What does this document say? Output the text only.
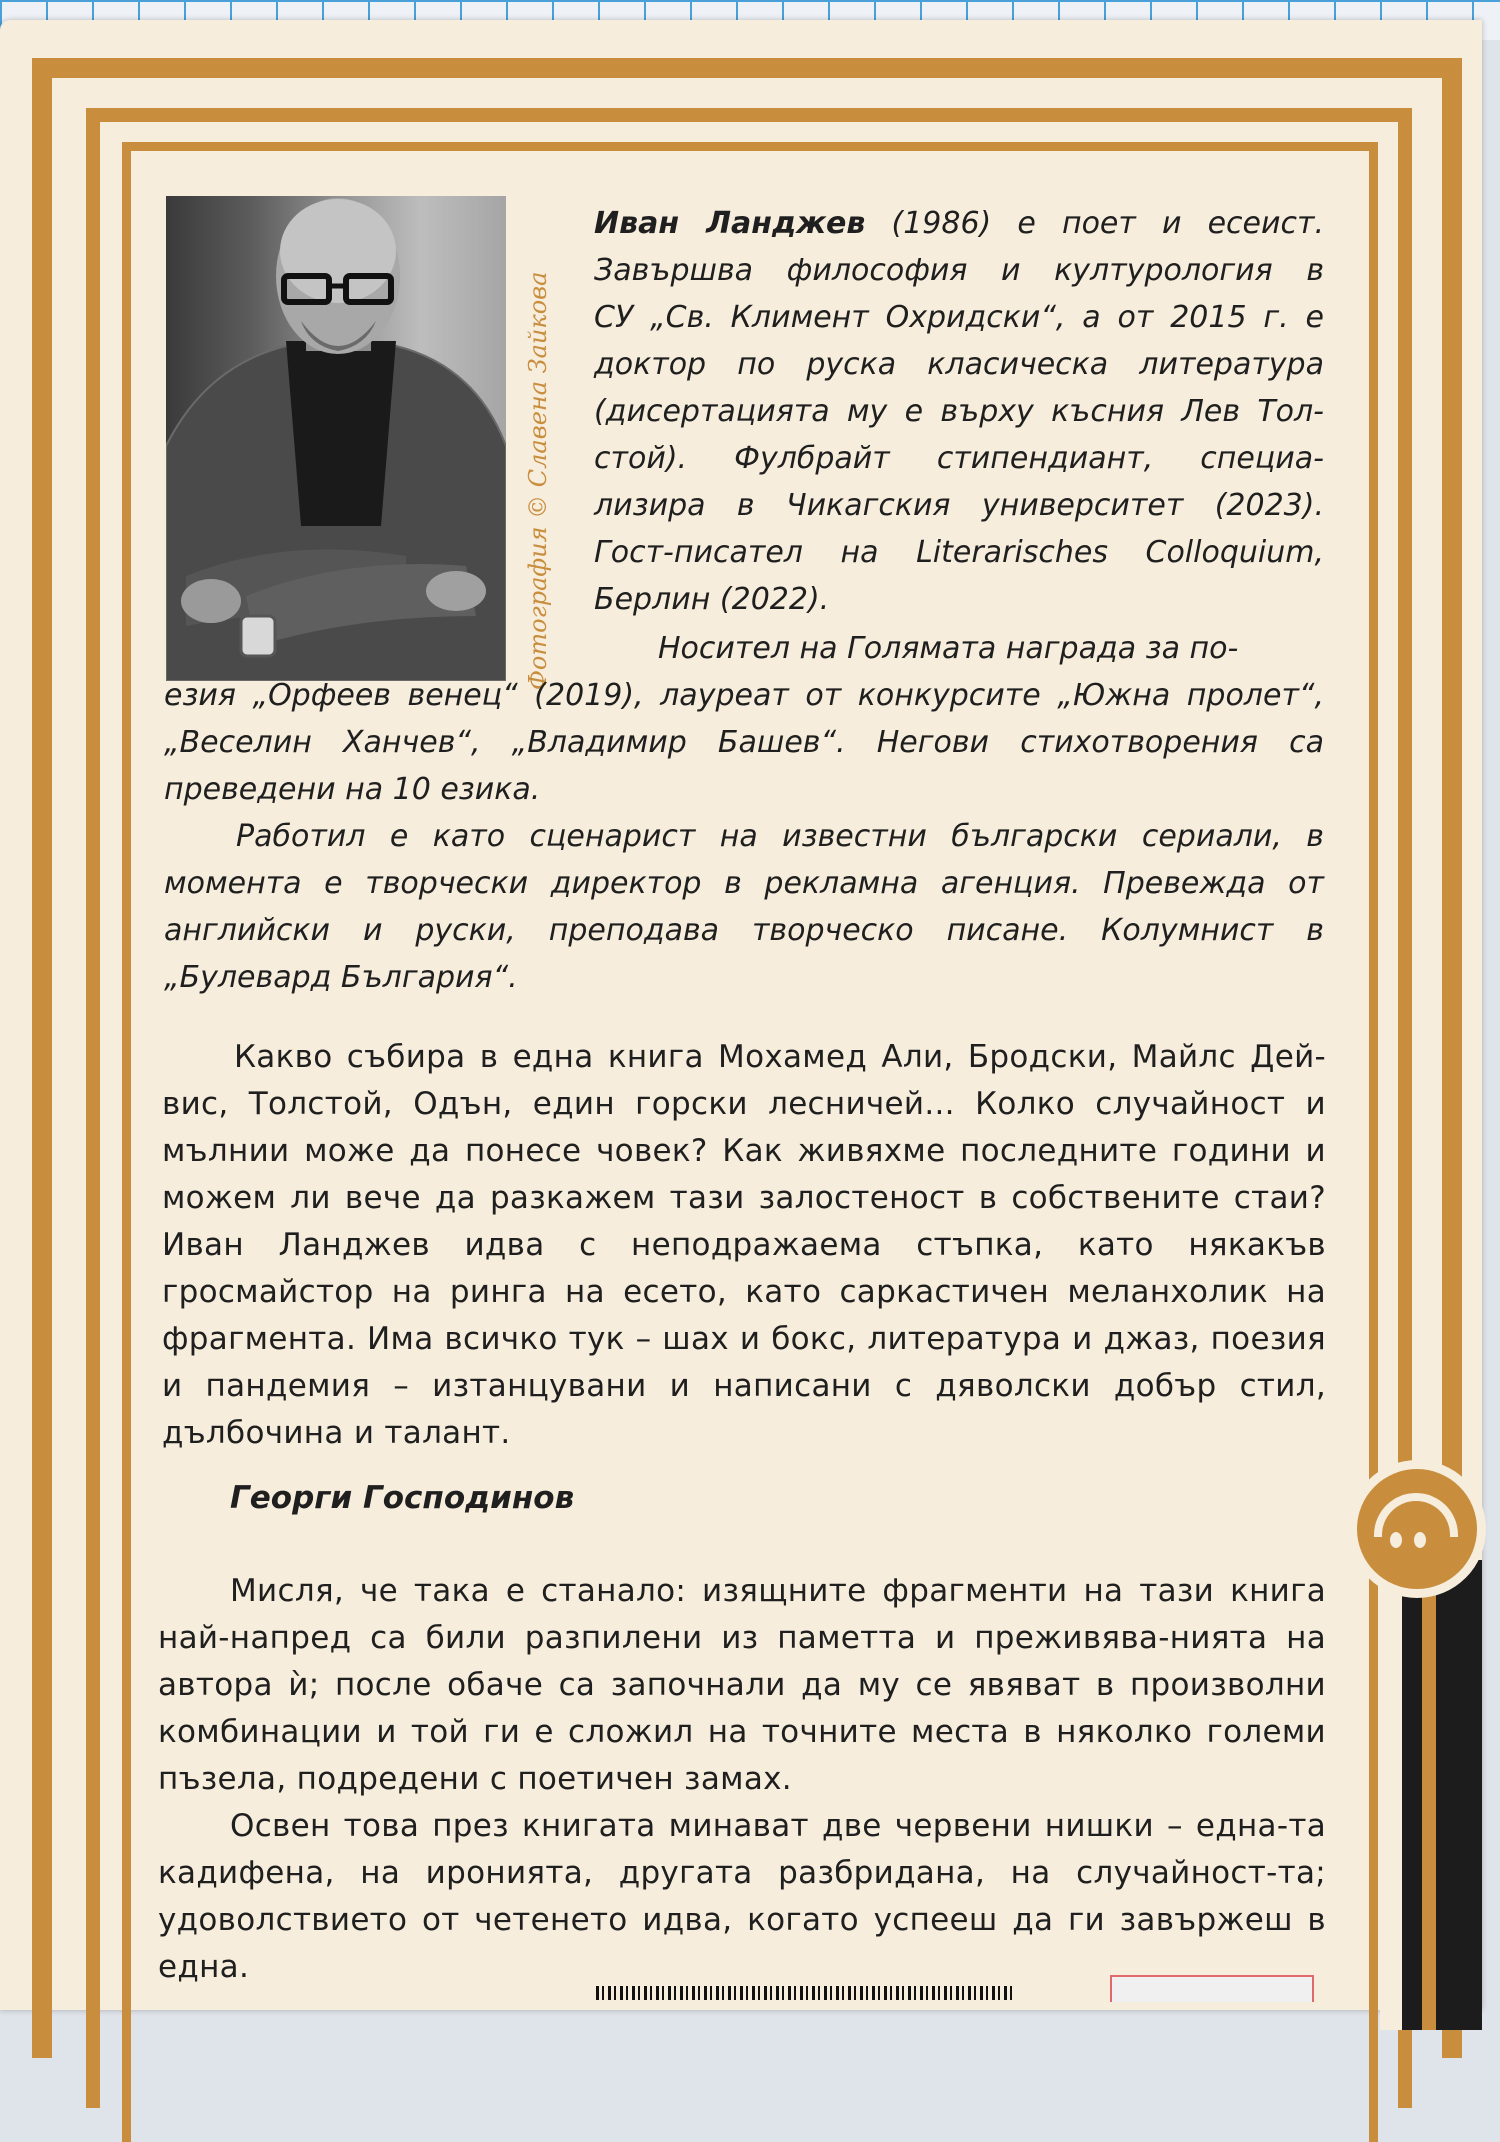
Фотография © Славена Зайкова
Иван Ланджев (1986) е поет и есеист.
Завършва философия и културология в
СУ „Св. Климент Охридски“, а от 2015 г. е
доктор по руска класическа литература
(дисертацията му е върху късния Лев Тол-
стой). Фулбрайт стипендиант, специа-
лизира в Чикагския университет (2023).
Гост-писател на Literarisches Colloquium,
Берлин (2022).
Носител на Голямата награда за по-

езия „Орфеев венец“ (2019), лауреат от конкурсите „Южна пролет“, „Веселин Ханчев“, „Владимир Башев“. Негови стихотворения са преведени на 10 езика.

Работил е като сценарист на известни български сериали, в момента е творчески директор в рекламна агенция. Превежда от английски и руски, преподава творческо писане. Колумнист в „Булевард България“.

Какво събира в една книга Мохамед Али, Бродски, Майлс Дей-вис, Толстой, Одън, един горски лесничей... Колко случайност и мълнии може да понесе човек? Как живяхме последните години и можем ли вече да разкажем тази залостеност в собствените стаи? Иван Ланджев идва с неподражаема стъпка, като някакъв гросмайстор на ринга на есето, като саркастичен меланхолик на фрагмента. Има всичко тук – шах и бокс, литература и джаз, поезия и пандемия – изтанцувани и написани с дяволски добър стил, дълбочина и талант.

Георги Господинов

Мисля, че така е станало: изящните фрагменти на тази книга най-напред са били разпилени из паметта и преживява-нията на автора ѝ; после обаче са започнали да му се явяват в произволни комбинации и той ги е сложил на точните места в няколко големи пъзела, подредени с поетичен замах.

Освен това през книгата минават две червени нишки – една-та кадифена, на иронията, другата разбридана, на случайност-та; удоволствието от четенето идва, когато успееш да ги завържеш в една.
